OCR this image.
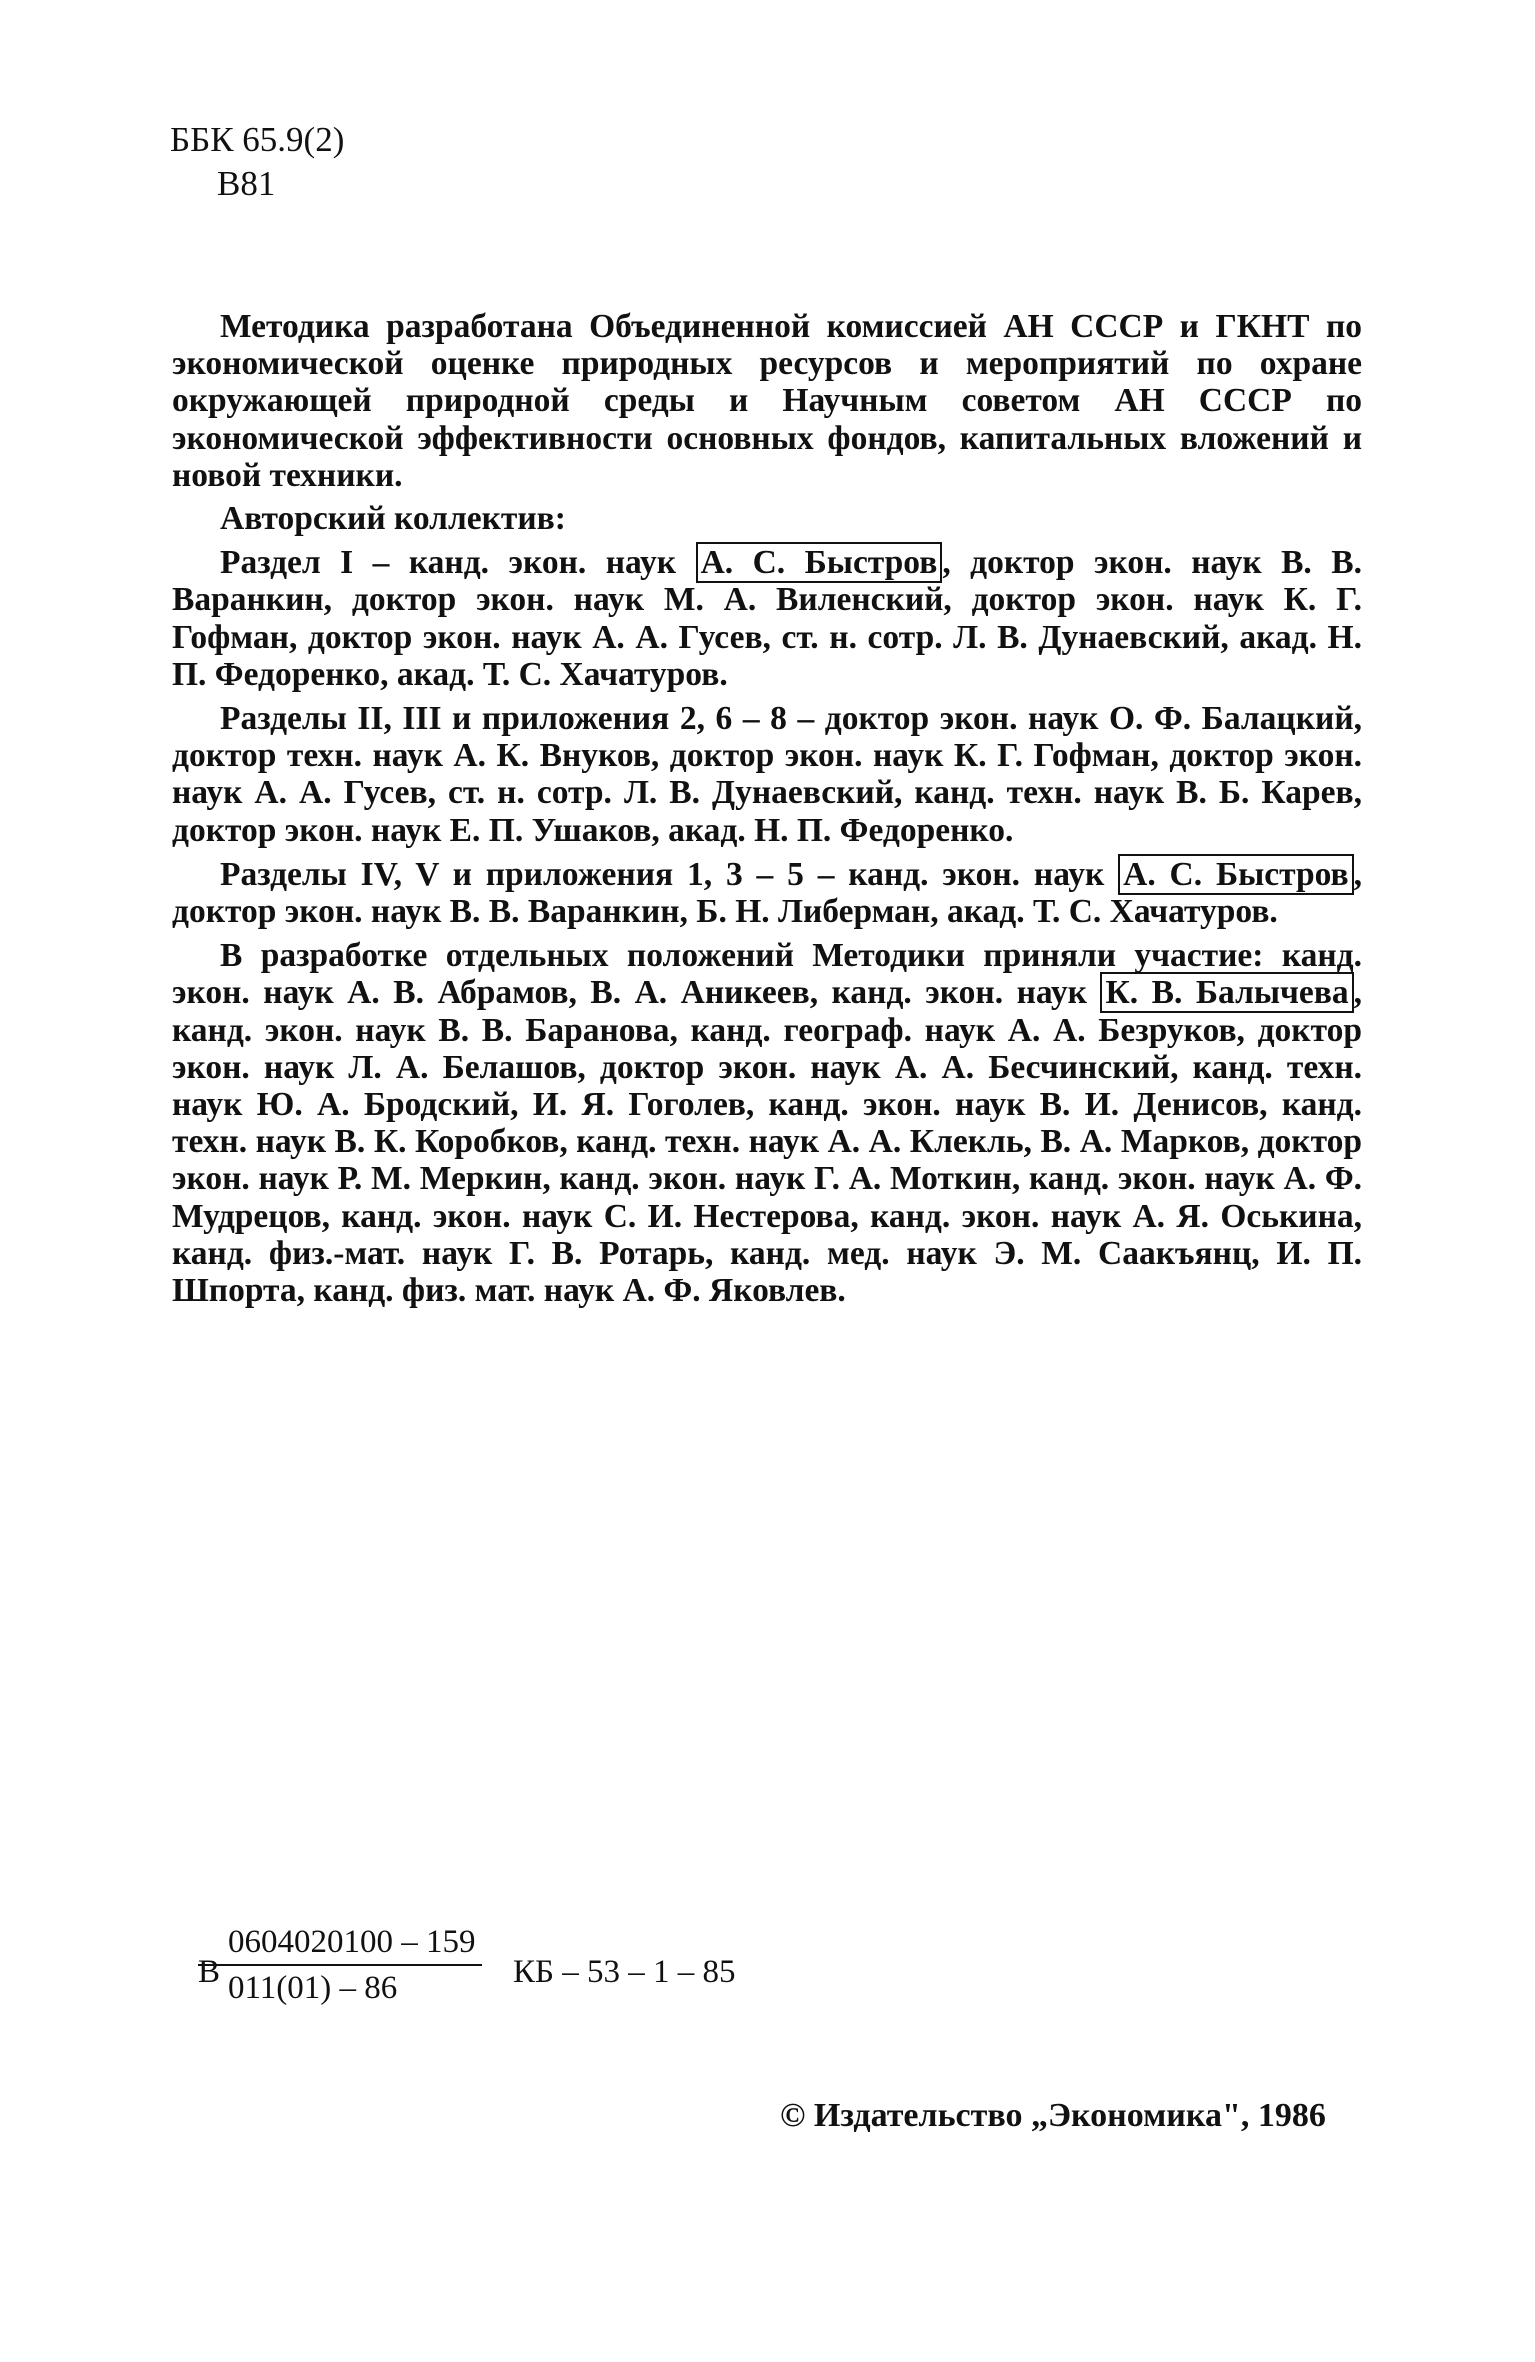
ББК 65.9(2)
В81

Методика разработана Объединенной комиссией АН СССР и ГКНТ по экономической оценке природных ресурсов и мероприятий по охране окружающей природной среды и Научным советом АН СССР по экономической эффективности основных фондов, капитальных вложений и новой техники.

Авторский коллектив:

Раздел I – канд. экон. наук А. С. Быстров , доктор экон. наук В. В. Варанкин, доктор экон. наук М. А. Виленский, доктор экон. наук К. Г. Гофман, доктор экон. наук А. А. Гусев, ст. н. сотр. Л. В. Дунаевский, акад. Н. П. Федоренко, акад. Т. С. Хачатуров.

Разделы II, III и приложения 2, 6 – 8 – доктор экон. наук О. Ф. Балацкий, доктор техн. наук А. К. Внуков, доктор экон. наук К. Г. Гофман, доктор экон. наук А. А. Гусев, ст. н. сотр. Л. В. Дунаевский, канд. техн. наук В. Б. Карев, доктор экон. наук Е. П. Ушаков, акад. Н. П. Федоренко.

Разделы IV, V и приложения 1, 3 – 5 – канд. экон. наук А. С. Быстров , доктор экон. наук В. В. Варанкин, Б. Н. Либерман, акад. Т. С. Хачатуров.

В разработке отдельных положений Методики приняли участие: канд. экон. наук А. В. Абрамов, В. А. Аникеев, канд. экон. наук К. В. Балычева , канд. экон. наук В. В. Баранова, канд. географ. наук А. А. Безруков, доктор экон. наук Л. А. Белашов, доктор экон. наук А. А. Бесчинский, канд. техн. наук Ю. А. Бродский, И. Я. Гоголев, канд. экон. наук В. И. Денисов, канд. техн. наук В. К. Коробков, канд. техн. наук А. А. Клекль, В. А. Марков, доктор экон. наук Р. М. Меркин, канд. экон. наук Г. А. Моткин, канд. экон. наук А. Ф. Мудрецов, канд. экон. наук С. И. Нестерова, канд. экон. наук А. Я. Оськина, канд. физ.-мат. наук Г. В. Ротарь, канд. мед. наук Э. М. Саакъянц, И. П. Шпорта, канд. физ. мат. наук А. Ф. Яковлев.

В
$\frac{0604020100 - 159}{011(01) - 86}$ КБ – 53 – 1 – 85
© Издательство „Экономика", 1986
